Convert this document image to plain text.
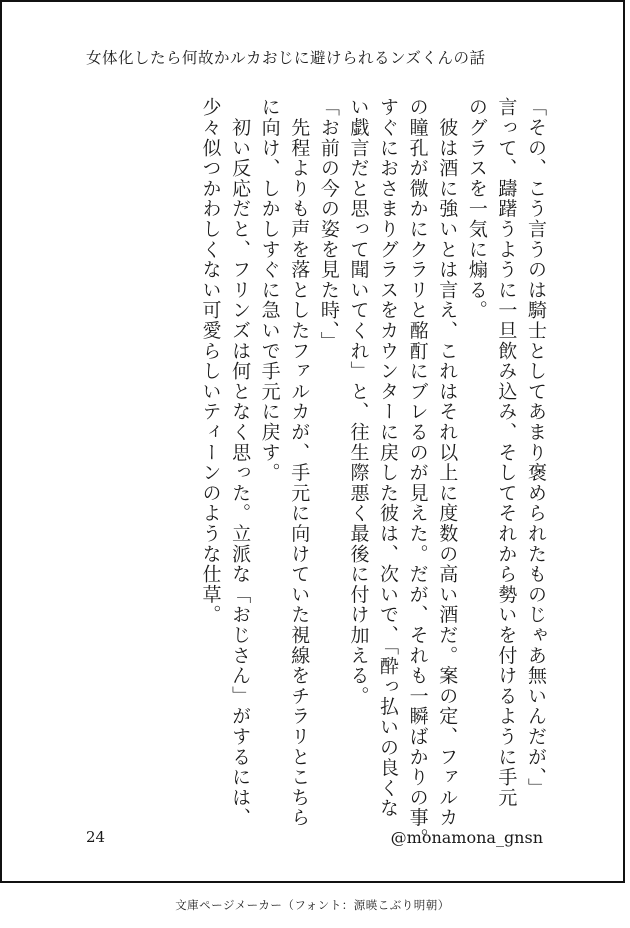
女体化したら何故かルカおじに避けられるンズくんの話

「その、こう言うのは騎士としてあまり褒められたものじゃあ無いんだが、」

言って、躊躇うように一旦飲み込み、そしてそれから勢いを付けるように手元

のグラスを一気に煽る。

　彼は酒に強いとは言え、これはそれ以上に度数の高い酒だ。案の定、ファルカ

の瞳孔が微かにクラリと酩酊にブレるのが見えた。だが、それも一瞬ばかりの事。

すぐにおさまりグラスをカウンターに戻した彼は、次いで、「酔っ払いの良くな

い戯言だと思って聞いてくれ」と、往生際悪く最後に付け加える。

「お前の今の姿を見た時、」

　先程よりも声を落としたファルカが、手元に向けていた視線をチラリとこちら

に向け、しかしすぐに急いで手元に戻す。

　初い反応だと、フリンズは何となく思った。立派な「おじさん」がするには、

少々似つかわしくない可愛らしいティーンのような仕草。

24	@monamona_gnsn
文庫ページメーカー（フォント：源暎こぶり明朝）
